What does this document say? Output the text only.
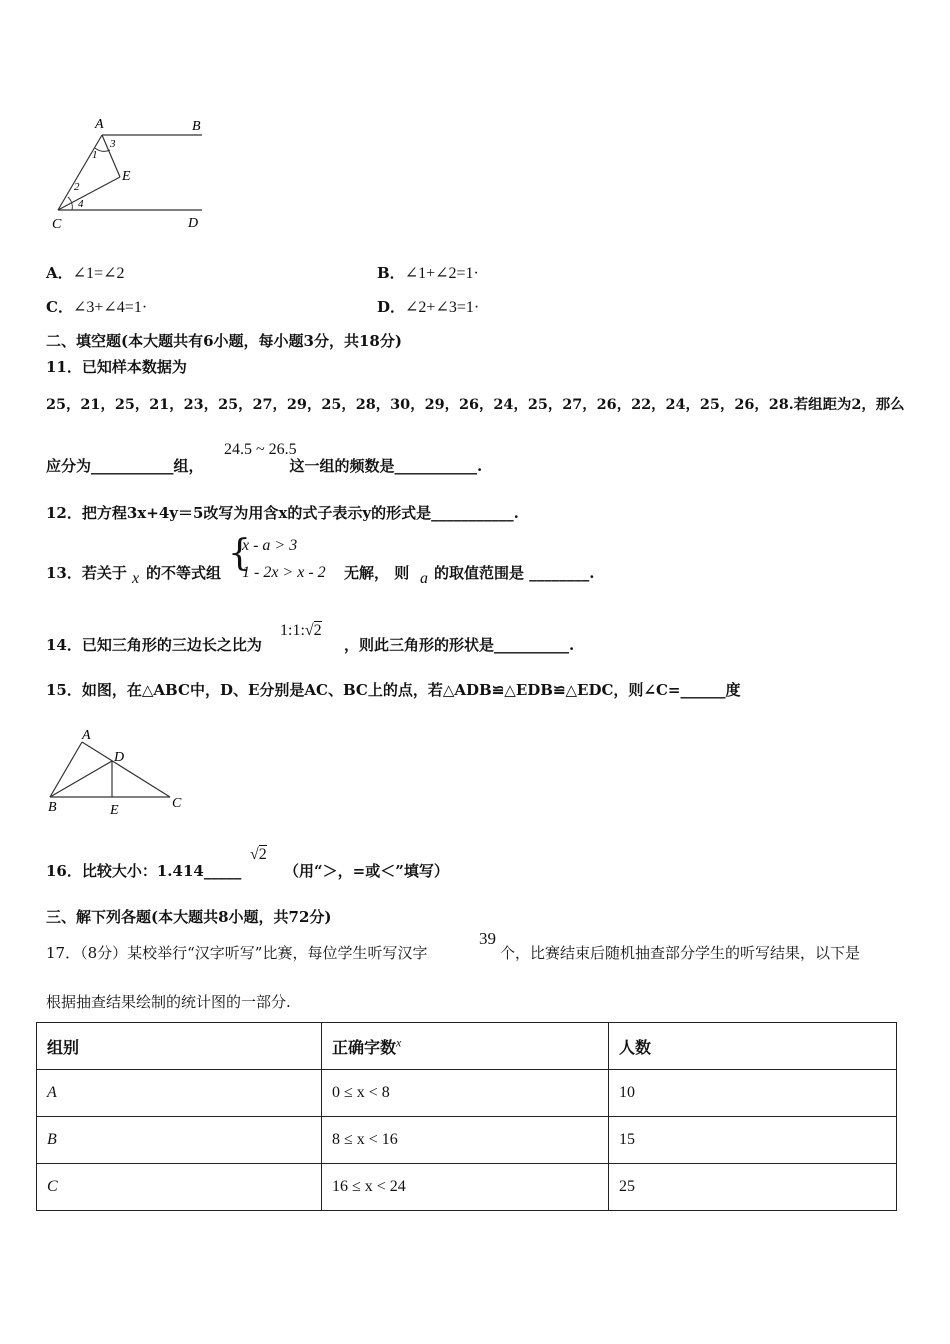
A	B
C	D
E
1
3
2
4
A．∠1=∠2	B．∠1+∠2=1·
C．∠3+∠4=1·	D．∠2+∠3=1·
二、填空题(本大题共有6小题，每小题3分，共18分)
11．已知样本数据为
25，21，25，21，23，25，27，29，25，28，30，29，26，24，25，27，26，22，24，25，26，28.若组距为2，那么
24.5 ~ 26.5
应分为___________组，	这一组的频数是___________.
12．把方程3x+4y＝5改写为用含x的式子表示y的形式是___________.
13．若关于 x 的不等式组 {
x - a > 3
1 - 2x > x - 2 无解， 则 a 的取值范围是 ________.
14．已知三角形的三边长之比为
1:1:√2
，则此三角形的形状是__________.
15．如图，在△ABC中，D、E分别是AC、BC上的点，若△ADB≌△EDB≌△EDC，则∠C=______度
A
D
B	E	C
16．比较大小：1.414_____
√2
（用“＞，=或＜”填写）
三、解下列各题(本大题共8小题，共72分)
17．（8分）某校举行“汉字听写”比赛，每位学生听写汉字
39
个，比赛结束后随机抽查部分学生的听写结果，以下是
根据抽查结果绘制的统计图的一部分.
组别	正确字数$^x$	人数
A	0 ≤ x < 8	10
B	8 ≤ x < 16	15
C	16 ≤ x < 24	25
